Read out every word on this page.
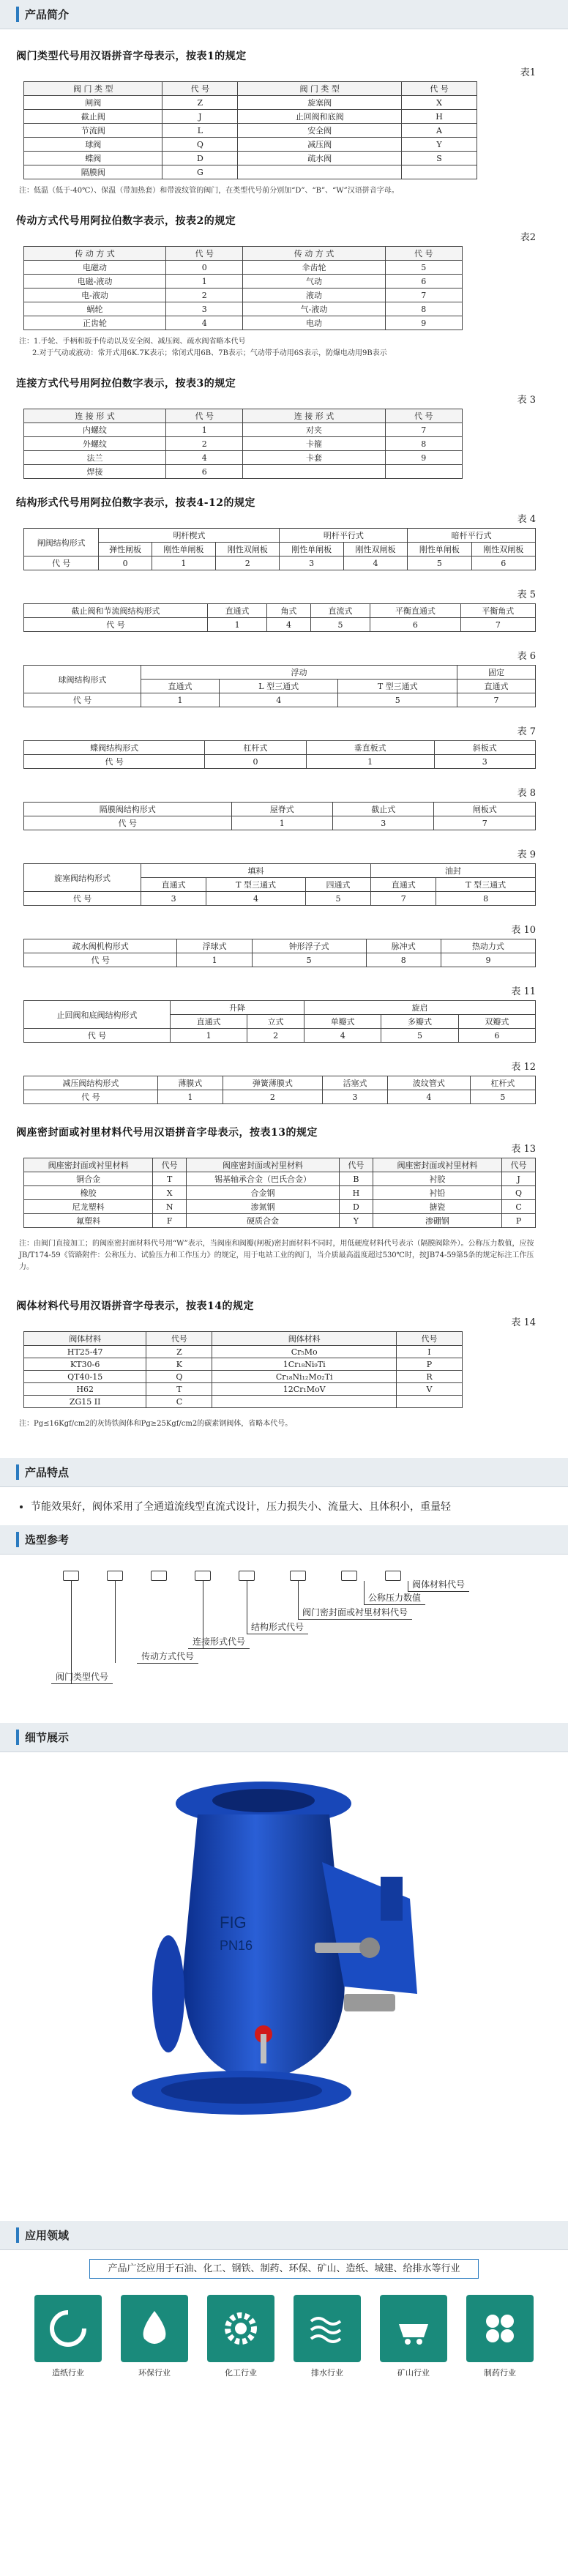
产品简介
阀门类型代号用汉语拼音字母表示，按表1的规定
表1
阀 门 类 型	代 号	阀 门 类 型	代 号
闸阀	Z	旋塞阀	X
截止阀	J	止回阀和底阀	H
节流阀	L	安全阀	A
球阀	Q	减压阀	Y
蝶阀	D	疏水阀	S
隔膜阀	G		
注：低温（低于-40℃）、保温（带加热套）和带波纹管的阀门，在类型代号前分别加“D”、“B”、“W”汉语拼音字母。
传动方式代号用阿拉伯数字表示，按表2的规定
表2
传 动 方 式	代 号	传 动 方 式	代 号
电磁动	0	伞齿轮	5
电磁-液动	1	气动	6
电-液动	2	液动	7
蜗轮	3	气-液动	8
正齿轮	4	电动	9
注：1.手轮、手柄和扳手传动以及安全阀、减压阀、疏水阀省略本代号
2.对于气动或液动：常开式用6K.7K表示；常闭式用6B、7B表示；气动带手动用6S表示，防爆电动用9B表示
连接方式代号用阿拉伯数字表示，按表3的规定
表 3
连 接 形 式	代 号	连 接 形 式	代 号
内螺纹	1	对夹	7
外螺纹	2	卡箍	8
法兰	4	卡套	9
焊接	6		
结构形式代号用阿拉伯数字表示，按表4-12的规定
表 4
闸阀结构形式	明杆楔式			明杆平行式		暗杆平行式	
	弹性闸板	刚性单闸板	刚性双闸板	刚性单闸板	刚性双闸板	刚性单闸板	刚性双闸板
代 号	0	1	2	3	4	5	6
表 5
截止阀和节流阀结构形式	直通式	角式	直流式	平衡直通式	平衡角式
代 号	1	4	5	6	7
表 6
球阀结构形式	浮动			固定
	直通式	L 型三通式	T 型三通式	直通式
代 号	1	4	5	7
表 7
蝶阀结构形式	杠杆式	垂直板式	斜板式
代 号	0	1	3
表 8
隔膜阀结构形式	屋脊式	截止式	闸板式
代 号	1	3	7
表 9
旋塞阀结构形式	填料			油封	
	直通式	T 型三通式	四通式	直通式	T 型三通式
代 号	3	4	5	7	8
表 10
疏水阀机构形式	浮球式	钟形浮子式	脉冲式	热动力式
代 号	1	5	8	9
表 11
止回阀和底阀结构形式	升降		旋启		
	直通式	立式	单瓣式	多瓣式	双瓣式
代 号	1	2	4	5	6
表 12
减压阀结构形式	薄膜式	弹簧薄膜式	活塞式	波纹管式	杠杆式
代 号	1	2	3	4	5
阀座密封面或衬里材料代号用汉语拼音字母表示，按表13的规定
表 13
阀座密封面或衬里材料	代号	阀座密封面或衬里材料	代号	阀座密封面或衬里材料	代号
铜合金	T	锡基轴承合金（巴氏合金）	B	衬胶	J
橡胶	X	合金钢	H	衬铅	Q
尼龙塑料	N	渗氮钢	D	搪瓷	C
氟塑料	F	硬质合金	Y	渗硼钢	P
注：由阀门直接加工；的阀座密封面材料代号用“W”表示，当阀座和阀瓣(闸板)密封面材料不同时，用低硬度材料代号表示（隔膜阀除外）。公称压力数值，应按JB/T174-59《管路附件：公称压力、试验压力和工作压力》的规定，用于电站工业的阀门，当介质最高温度超过530℃时，按JB74-59第5条的规定标注工作压力。
阀体材料代号用汉语拼音字母表示，按表14的规定
表 14
阀体材料	代号	阀体材料	代号
HT25-47	Z	Cr₅Mo	I
KT30-6	K	1Cr₁₈Ni₉Ti	P
QT40-15	Q	Cr₁₈Ni₁₂Mo₂Ti	R
H62	T	12Cr₁MoV	V
ZG15 II	C		
注：Pg≤16Kgf/cm2的灰铸铁阀体和Pg≥25Kgf/cm2的碳素钢阀体，省略本代号。
产品特点
• 节能效果好，阀体采用了全通道流线型直流式设计，压力损失小、流量大、且体积小，重量轻
选型参考
阀体材料代号
公称压力数值
阀门密封面或衬里材料代号
结构形式代号
连接形式代号
传动方式代号
阀门类型代号
细节展示
FIG
PN16
应用领域
产品广泛应用于石油、化工、钢铁、制药、环保、矿山、造纸、城建、给排水等行业
造纸行业	环保行业	化工行业	排水行业	矿山行业	制药行业
